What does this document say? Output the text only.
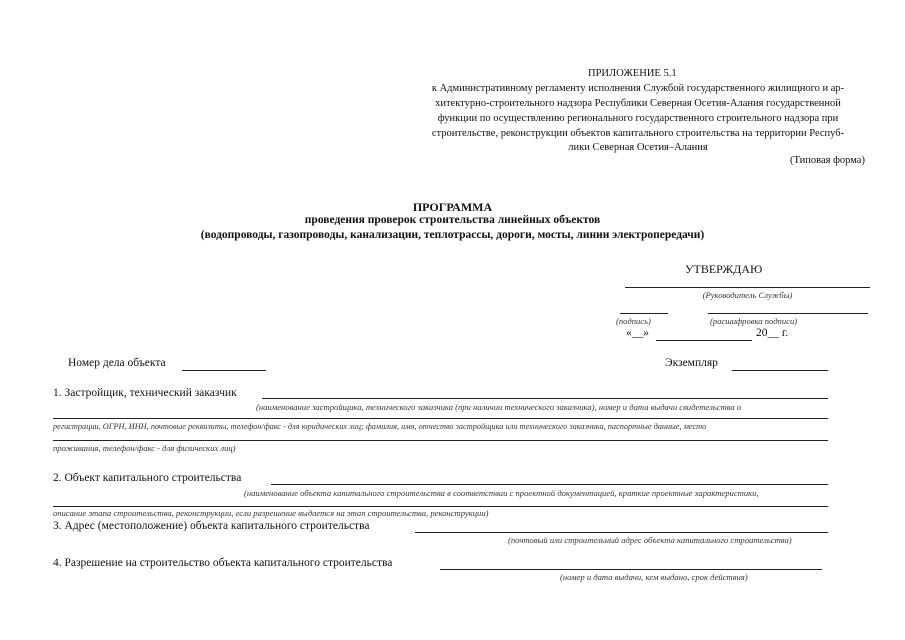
ПРИЛОЖЕНИЕ 5.1
к Административному регламенту исполнения Службой государственного жилищного и ар-
хитектурно-строительного надзора Республики Северная Осетия-Алания государственной
функции по осуществлению регионального государственного строительного надзора при
строительстве, реконструкции объектов капитального строительства на территории Респуб-
лики Северная Осетия–Алания
(Типовая форма)
ПРОГРАММА
проведения проверок строительства линейных объектов
(водопроводы, газопроводы, канализации, теплотрассы, дороги, мосты, линии электропередачи)
УТВЕРЖДАЮ
(Руководитель Службы)
(подпись)	(расшифровка подписи)
«__»	20__ г.
Номер дела объекта	Экземпляр
1. Застройщик, технический заказчик
(наименование застройщика, технического заказчика (при наличии технического заказчика), номер и дата выдачи свидетельства о
регистрации, ОГРН, ИНН, почтовые реквизиты, телефон/факс - для юридических лиц; фамилия, имя, отчество застройщика или технического заказчика, паспортные данные, место
проживания, телефон/факс - для физических лиц)
2. Объект капитального строительства
(наименование объекта капитального строительства в соответствии с проектной документацией, краткие проектные характеристики,
описание этапа строительства, реконструкции, если разрешение выдается на этап строительства, реконструкции)
3. Адрес (местоположение) объекта капитального строительства
(почтовый или строительный адрес объекта капитального строительства)
4. Разрешение на строительство объекта капитального строительства
(номер и дата выдачи, кем выдано, срок действия)
